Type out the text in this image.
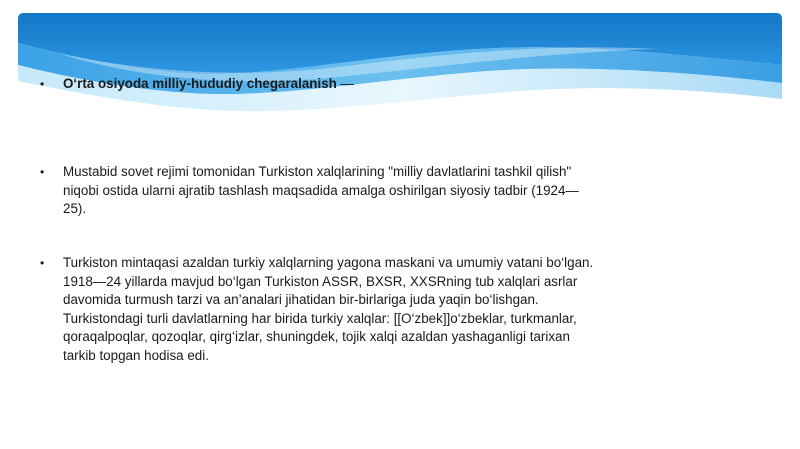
•	O‘rta osiyoda milliy-hududiy chegaralanish —
•	Mustabid sovet rejimi tomonidan Turkiston xalqlarining "milliy davlatlarini tashkil qilish" niqobi ostida ularni ajratib tashlash maqsadida amalga oshirilgan siyosiy tadbir (1924—25).
•	Turkiston mintaqasi azaldan turkiy xalqlarning yagona maskani va umumiy vatani bo‘lgan. 1918—24 yillarda mavjud bo‘lgan Turkiston ASSR, BXSR, XXSRning tub xalqlari asrlar davomida turmush tarzi va an’analari jihatidan bir-birlariga juda yaqin bo‘lishgan. Turkistondagi turli davlatlarning har birida turkiy xalqlar: [[O‘zbek]]o‘zbeklar, turkmanlar, qoraqalpoqlar, qozoqlar, qirg‘izlar, shuningdek, tojik xalqi azaldan yashaganligi tarixan tarkib topgan hodisa edi.
